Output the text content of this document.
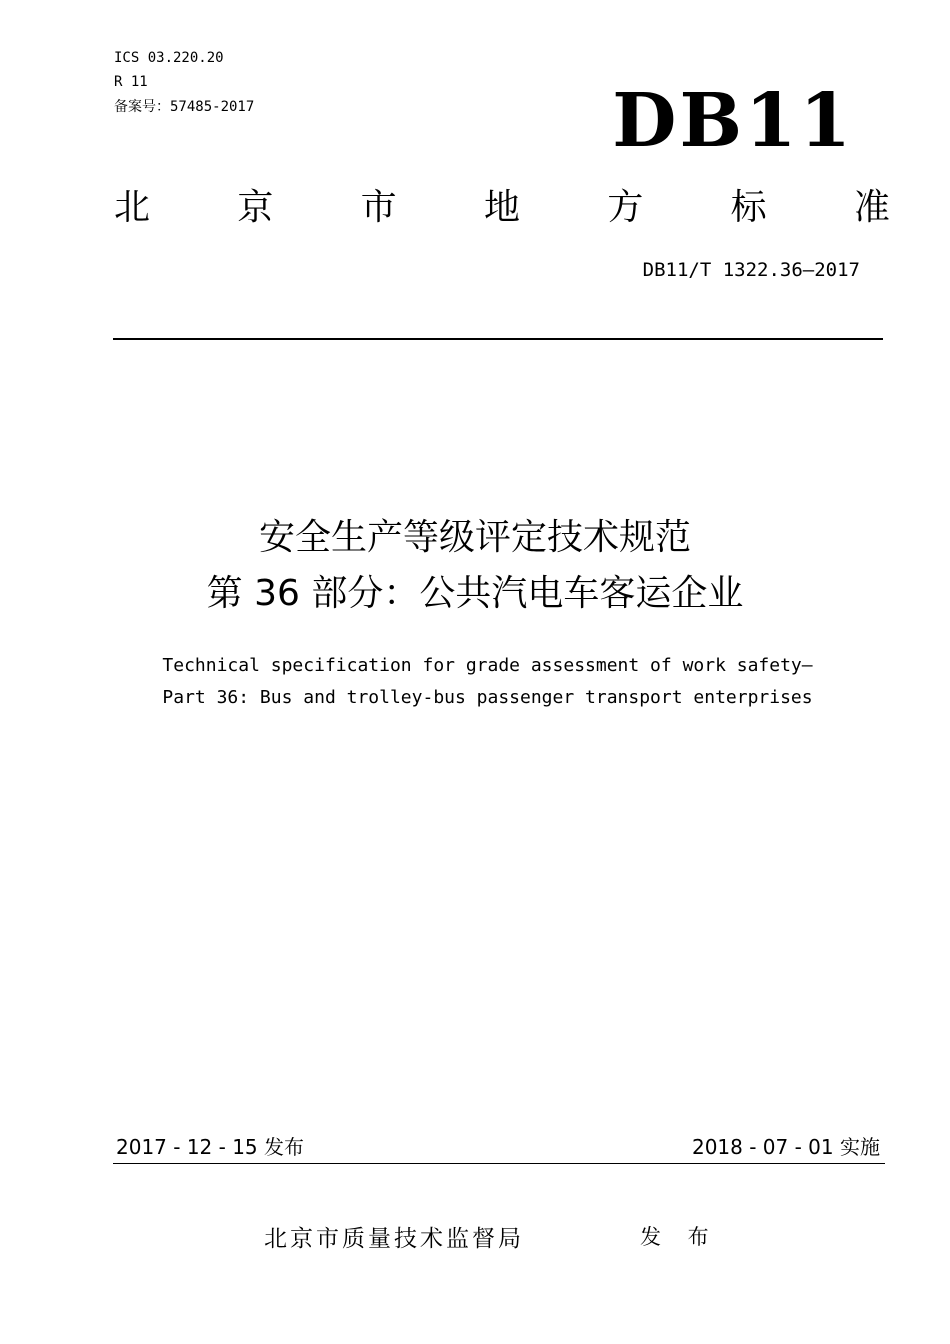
ICS 03.220.20
R 11
备案号：57485-2017	DB11
北 京 市 地 方 标 准
DB11/T 1322.36—2017
安全生产等级评定技术规范
第 36 部分：公共汽电车客运企业
Technical specification for grade assessment of work safety—
Part 36: Bus and trolley-bus passenger transport enterprises
2017 - 12 - 15 发布	2018 - 07 - 01 实施
北京市质量技术监督局	发 布
